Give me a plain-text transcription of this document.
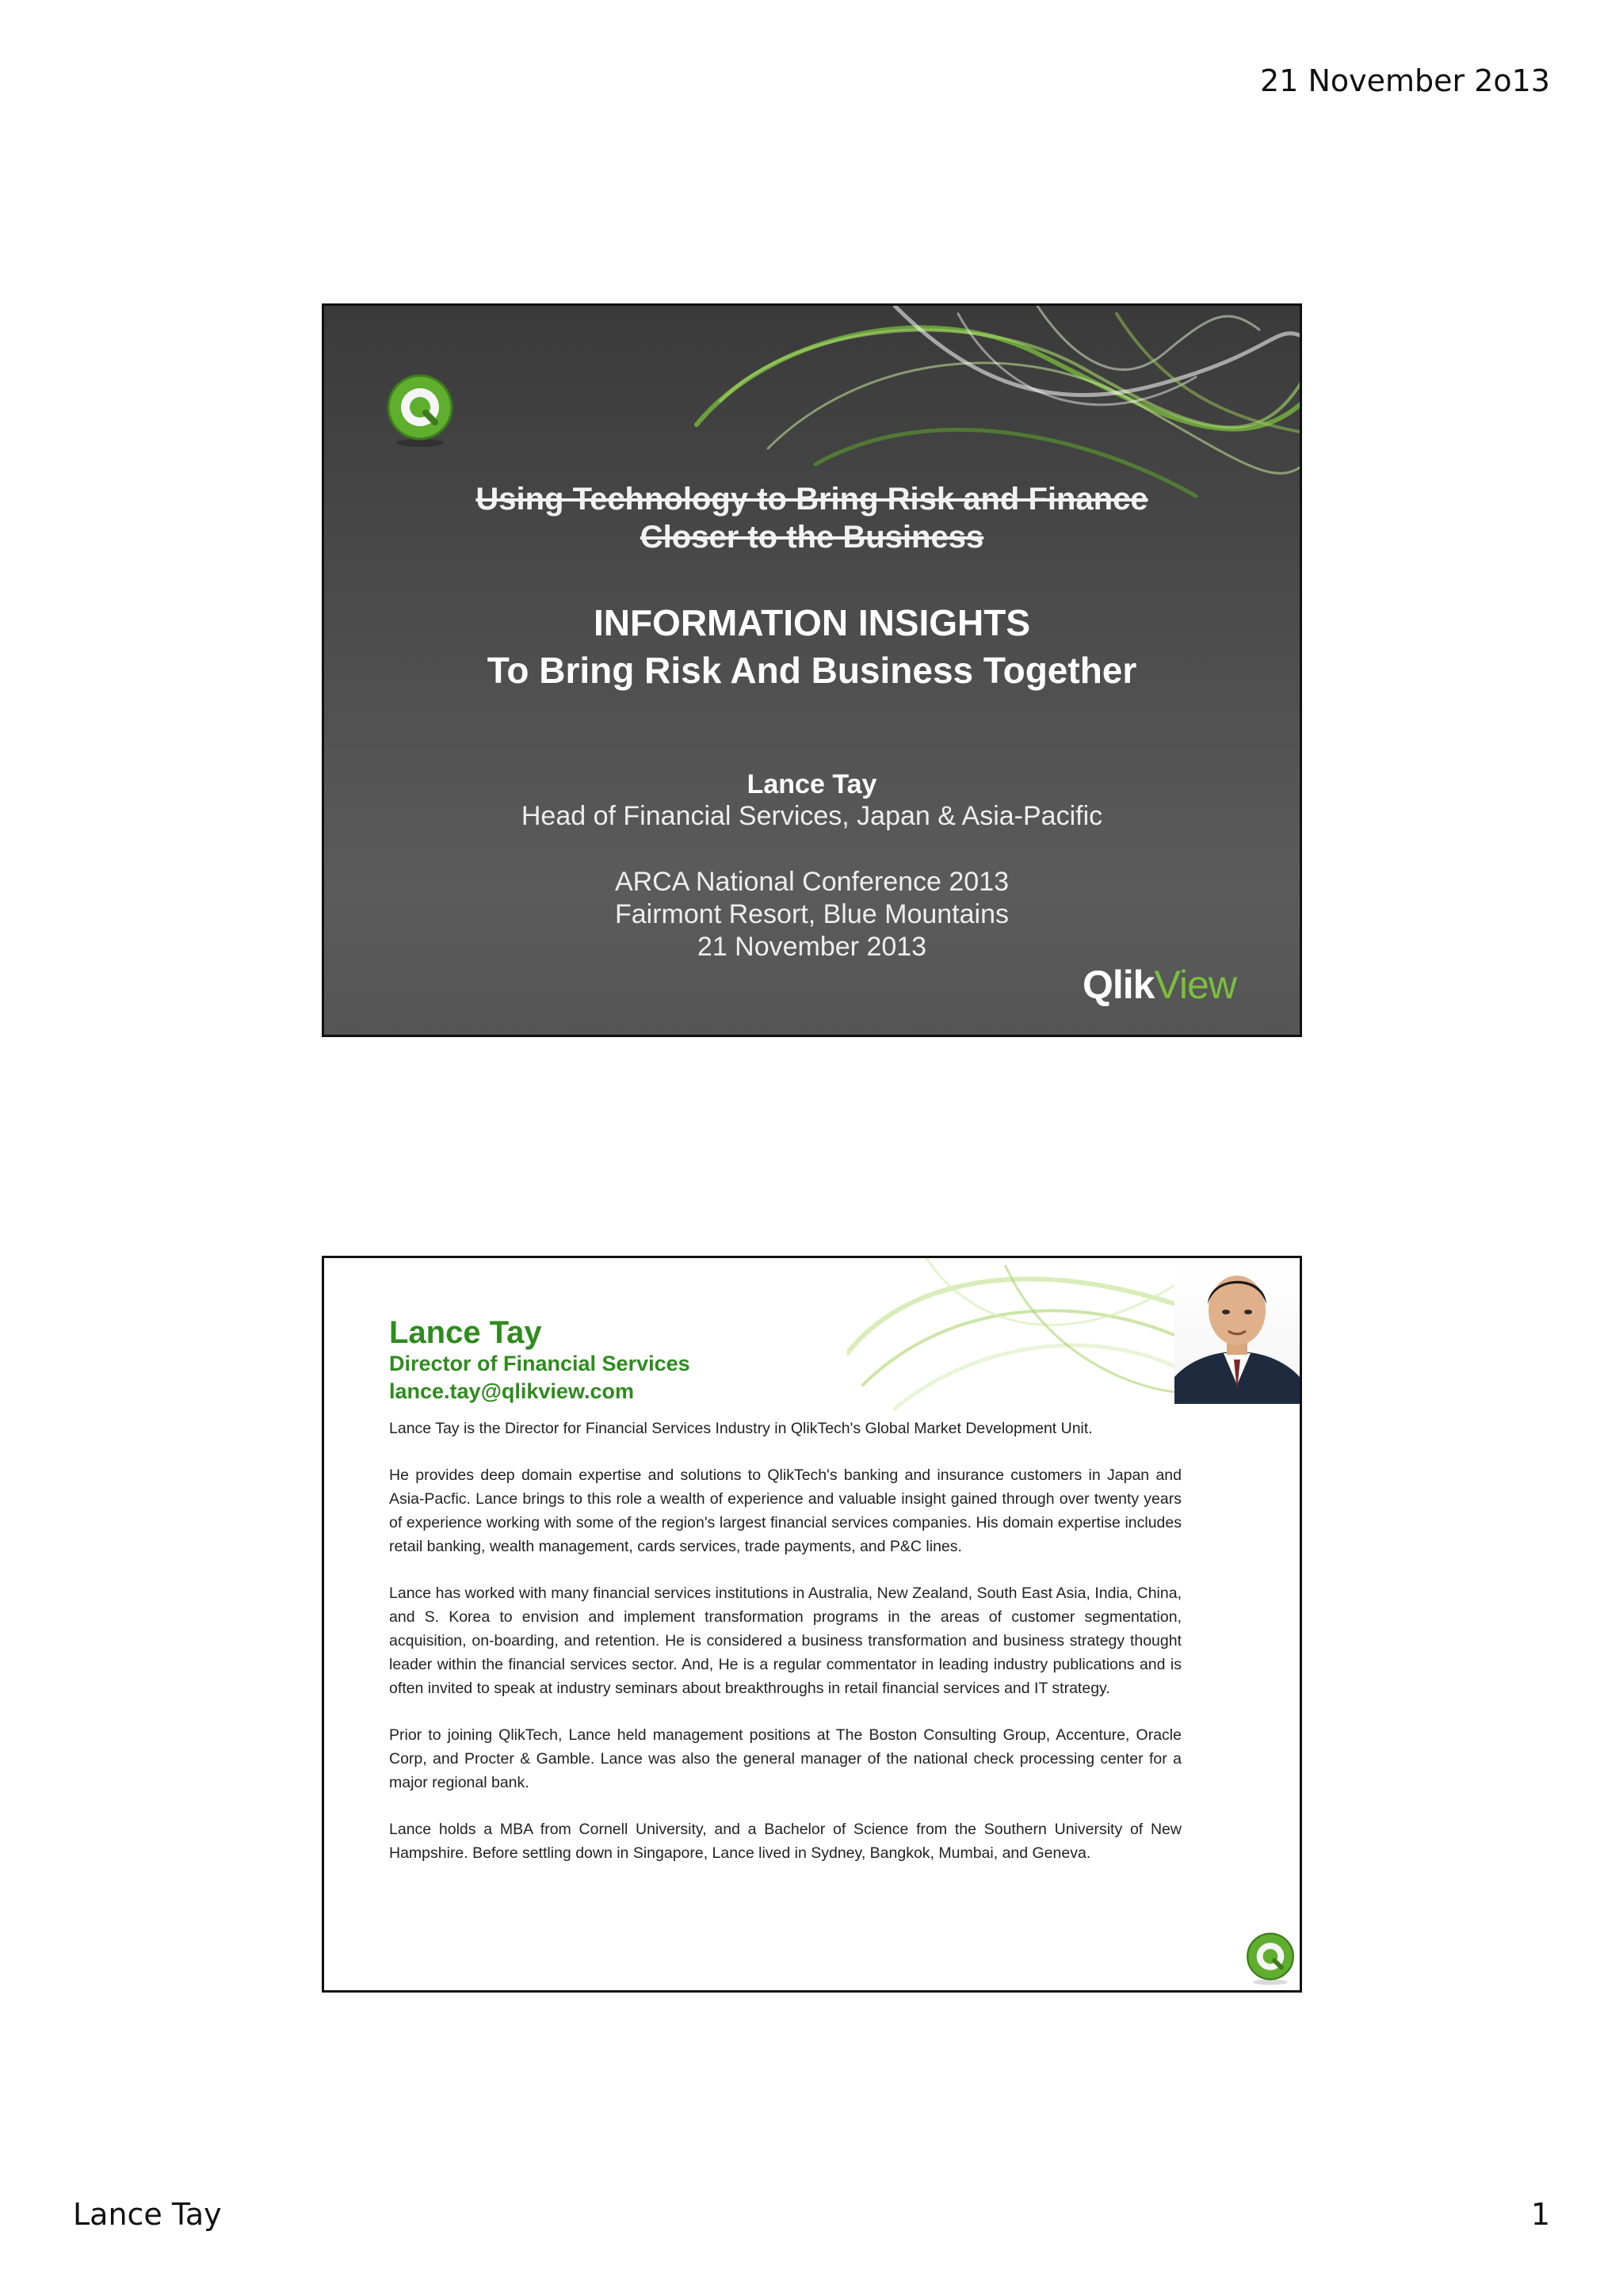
21 November 2o13
Using Technology to Bring Risk and Finance
Closer to the Business
INFORMATION INSIGHTS
To Bring Risk And Business Together
Lance Tay
Head of Financial Services, Japan & Asia-Pacific
ARCA National Conference 2013
Fairmont Resort, Blue Mountains
21 November 2013
QlikView
Lance Tay
Director of Financial Services
lance.tay@qlikview.com

Lance Tay is the Director for Financial Services Industry in QlikTech's Global Market Development Unit.

He provides deep domain expertise and solutions to QlikTech's banking and insurance customers in Japan and Asia-Pacfic. Lance brings to this role a wealth of experience and valuable insight gained through over twenty years of experience working with some of the region's largest financial services companies. His domain expertise includes retail banking, wealth management, cards services, trade payments, and P&C lines.

Lance has worked with many financial services institutions in Australia, New Zealand, South East Asia, India, China, and S. Korea to envision and implement transformation programs in the areas of customer segmentation, acquisition, on-boarding, and retention. He is considered a business transformation and business strategy thought leader within the financial services sector. And, He is a regular commentator in leading industry publications and is often invited to speak at industry seminars about breakthroughs in retail financial services and IT strategy.

Prior to joining QlikTech, Lance held management positions at The Boston Consulting Group, Accenture, Oracle Corp, and Procter & Gamble. Lance was also the general manager of the national check processing center for a major regional bank.

Lance holds a MBA from Cornell University, and a Bachelor of Science from the Southern University of New Hampshire. Before settling down in Singapore, Lance lived in Sydney, Bangkok, Mumbai, and Geneva.

Lance Tay	1
